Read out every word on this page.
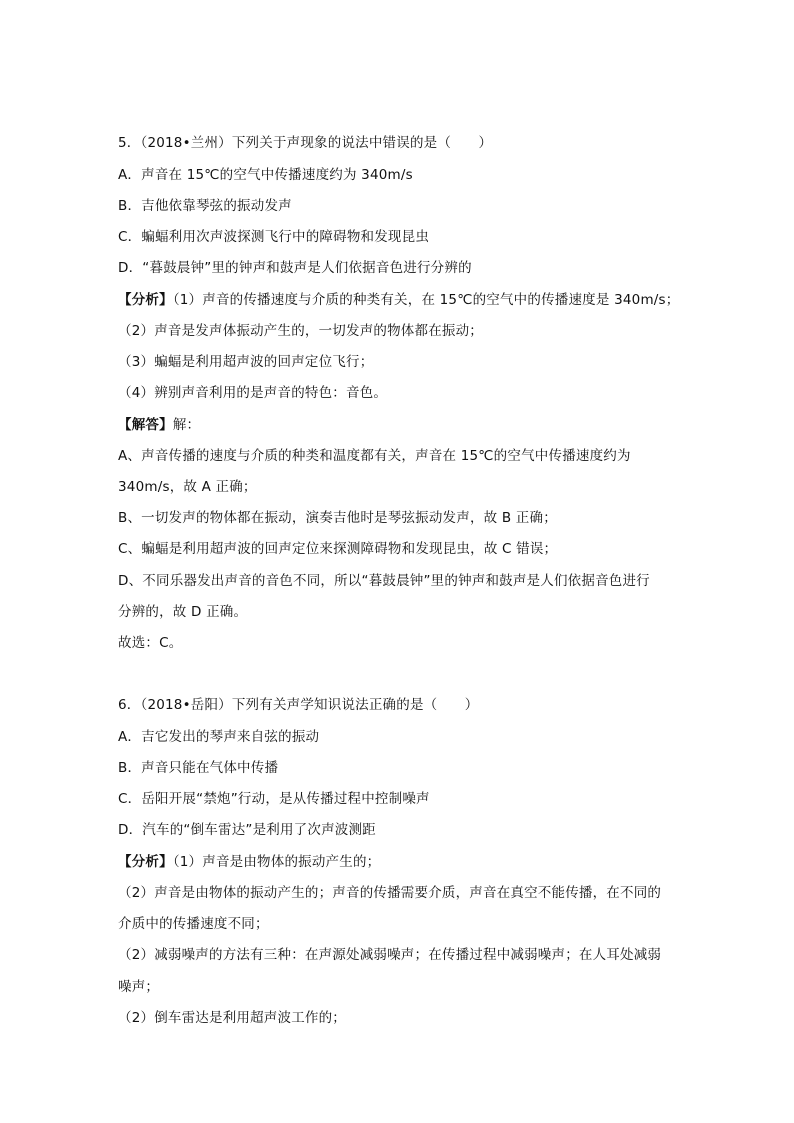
5．（2018•兰州）下列关于声现象的说法中错误的是（　　）
A．声音在 15℃的空气中传播速度约为 340m/s
B．吉他依靠琴弦的振动发声
C．蝙蝠利用次声波探测飞行中的障碍物和发现昆虫
D．“暮鼓晨钟”里的钟声和鼓声是人们依据音色进行分辨的
【分析】（1）声音的传播速度与介质的种类有关，在 15℃的空气中的传播速度是 340m/s；
（2）声音是发声体振动产生的，一切发声的物体都在振动；
（3）蝙蝠是利用超声波的回声定位飞行；
（4）辨别声音利用的是声音的特色：音色。
【解答】解：
A、声音传播的速度与介质的种类和温度都有关，声音在 15℃的空气中传播速度约为
340m/s，故 A 正确；
B、一切发声的物体都在振动，演奏吉他时是琴弦振动发声，故 B 正确；
C、蝙蝠是利用超声波的回声定位来探测障碍物和发现昆虫，故 C 错误；
D、不同乐器发出声音的音色不同，所以“暮鼓晨钟”里的钟声和鼓声是人们依据音色进行
分辨的，故 D 正确。
故选：C。
6．（2018•岳阳）下列有关声学知识说法正确的是（　　）
A．吉它发出的琴声来自弦的振动
B．声音只能在气体中传播
C．岳阳开展“禁炮”行动，是从传播过程中控制噪声
D．汽车的“倒车雷达”是利用了次声波测距
【分析】（1）声音是由物体的振动产生的；
（2）声音是由物体的振动产生的；声音的传播需要介质，声音在真空不能传播，在不同的
介质中的传播速度不同；
（2）减弱噪声的方法有三种：在声源处减弱噪声；在传播过程中减弱噪声；在人耳处减弱
噪声；
（2）倒车雷达是利用超声波工作的；
